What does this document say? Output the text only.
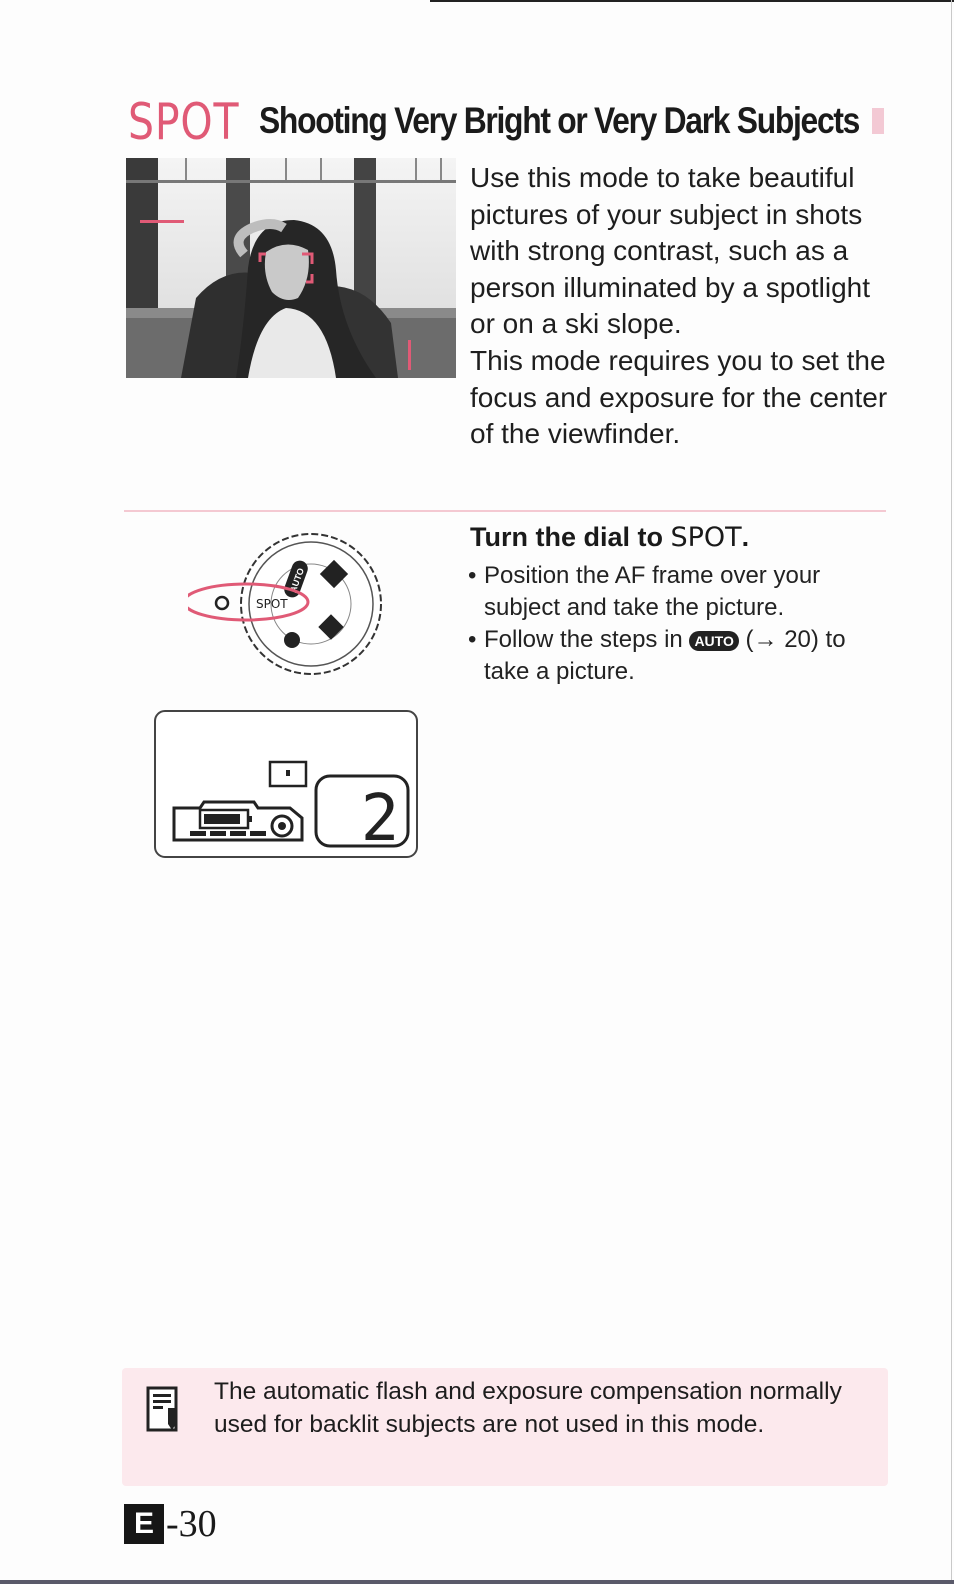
SPOT Shooting Very Bright or Very Dark Subjects

Use this mode to take beautiful pictures of your subject in shots with strong contrast, such as a person illuminated by a spotlight or on a ski slope.

This mode requires you to set the focus and exposure for the center of the viewfinder.

AUTO
SPOT
Turn the dial to SPOT.
• Position the AF frame over your subject and take the picture.
• Follow the steps in AUTO (→ 20) to take a picture.
2
The automatic flash and exposure compensation normally used for backlit subjects are not used in this mode.
E -30
